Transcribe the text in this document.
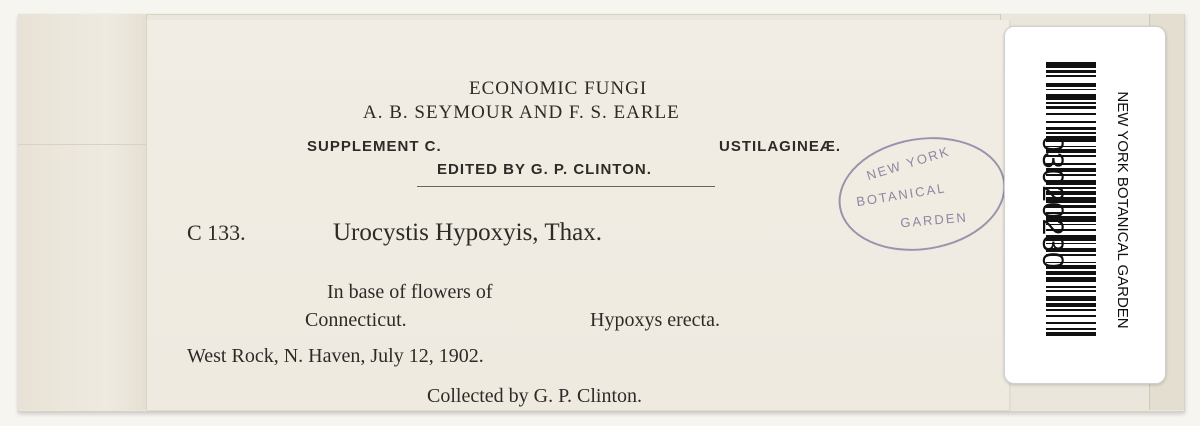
ECONOMIC FUNGI
A. B. SEYMOUR AND F. S. EARLE
SUPPLEMENT C.	USTILAGINEÆ.
EDITED BY G. P. CLINTON.
C 133.	Urocystis Hypoxyis, Thax.
In base of flowers of
Connecticut.	Hypoxys erecta.
West Rock, N. Haven, July 12, 1902.
Collected by G. P. Clinton.
NEW YORK
BOTANICAL
GARDEN 03020230	NEW YORK BOTANICAL GARDEN
